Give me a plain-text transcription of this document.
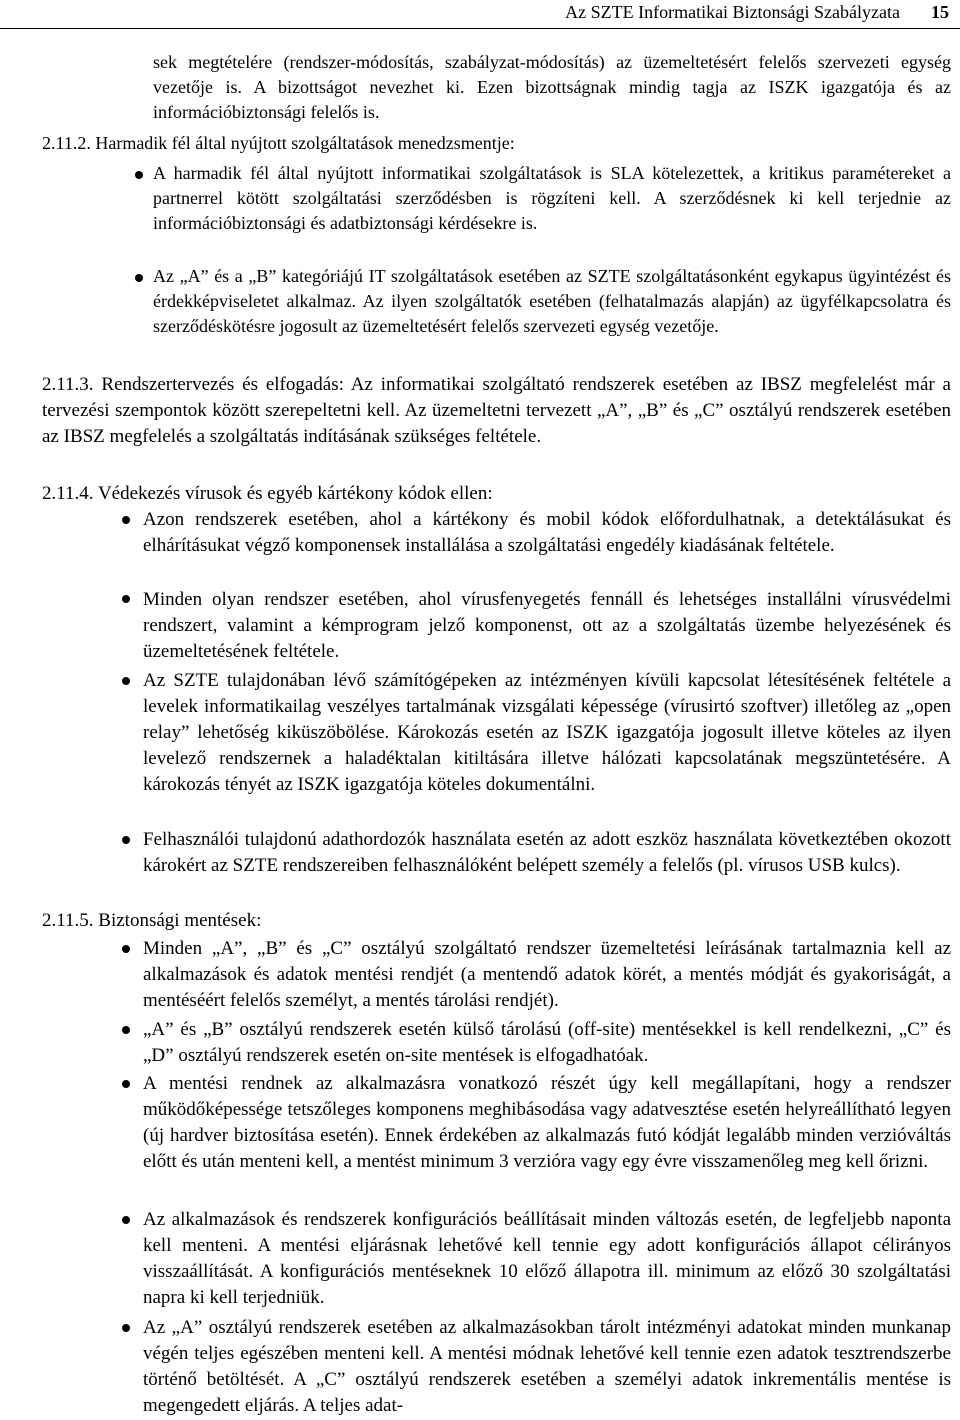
Az SZTE Informatikai Biztonsági Szabályzata 15
sek megtételére (rendszer-módosítás, szabályzat-módosítás) az üzemeltetésért felelős szervezeti egység vezetője is. A bizottságot nevezhet ki. Ezen bizottságnak mindig tagja az ISZK igazgatója és az információbiztonsági felelős is.
2.11.2. Harmadik fél által nyújtott szolgáltatások menedzsmentje:
A harmadik fél által nyújtott informatikai szolgáltatások is SLA kötelezettek, a kritikus paramétereket a partnerrel kötött szolgáltatási szerződésben is rögzíteni kell. A szerződésnek ki kell terjednie az információbiztonsági és adatbiztonsági kérdésekre is.
Az „A” és a „B” kategóriájú IT szolgáltatások esetében az SZTE szolgáltatásonként egykapus ügyintézést és érdekképviseletet alkalmaz. Az ilyen szolgáltatók esetében (felhatalmazás alapján) az ügyfélkapcsolatra és szerződéskötésre jogosult az üzemeltetésért felelős szervezeti egység vezetője.
2.11.3. Rendszertervezés és elfogadás: Az informatikai szolgáltató rendszerek esetében az IBSZ megfelelést már a tervezési szempontok között szerepeltetni kell. Az üzemeltetni tervezett „A”, „B” és „C” osztályú rendszerek esetében az IBSZ megfelelés a szolgáltatás indításának szükséges feltétele.
2.11.4. Védekezés vírusok és egyéb kártékony kódok ellen:
Azon rendszerek esetében, ahol a kártékony és mobil kódok előfordulhatnak, a detektálásukat és elhárításukat végző komponensek installálása a szolgáltatási engedély kiadásának feltétele.
Minden olyan rendszer esetében, ahol vírusfenyegetés fennáll és lehetséges installálni vírusvédelmi rendszert, valamint a kémprogram jelző komponenst, ott az a szolgáltatás üzembe helyezésének és üzemeltetésének feltétele.
Az SZTE tulajdonában lévő számítógépeken az intézményen kívüli kapcsolat létesítésének feltétele a levelek informatikailag veszélyes tartalmának vizsgálati képessége (vírusirtó szoftver) illetőleg az „open relay” lehetőség kiküszöbölése. Károkozás esetén az ISZK igazgatója jogosult illetve köteles az ilyen levelező rendszernek a haladéktalan kitiltására illetve hálózati kapcsolatának megszüntetésére. A károkozás tényét az ISZK igazgatója köteles dokumentálni.
Felhasználói tulajdonú adathordozók használata esetén az adott eszköz használata következtében okozott károkért az SZTE rendszereiben felhasználóként belépett személy a felelős (pl. vírusos USB kulcs).
2.11.5. Biztonsági mentések:
Minden „A”, „B” és „C” osztályú szolgáltató rendszer üzemeltetési leírásának tartalmaznia kell az alkalmazások és adatok mentési rendjét (a mentendő adatok körét, a mentés módját és gyakoriságát, a mentéséért felelős személyt, a mentés tárolási rendjét).
„A” és „B” osztályú rendszerek esetén külső tárolású (off-site) mentésekkel is kell rendelkezni, „C” és „D” osztályú rendszerek esetén on-site mentések is elfogadhatóak.
A mentési rendnek az alkalmazásra vonatkozó részét úgy kell megállapítani, hogy a rendszer működőképessége tetszőleges komponens meghibásodása vagy adatvesztése esetén helyreállítható legyen (új hardver biztosítása esetén). Ennek érdekében az alkalmazás futó kódját legalább minden verzióváltás előtt és után menteni kell, a mentést minimum 3 verzióra vagy egy évre visszamenőleg meg kell őrizni.
Az alkalmazások és rendszerek konfigurációs beállításait minden változás esetén, de legfeljebb naponta kell menteni. A mentési eljárásnak lehetővé kell tennie egy adott konfigurációs állapot célirányos visszaállítását. A konfigurációs mentéseknek 10 előző állapotra ill. minimum az előző 30 szolgáltatási napra ki kell terjedniük.
Az „A” osztályú rendszerek esetében az alkalmazásokban tárolt intézményi adatokat minden munkanap végén teljes egészében menteni kell. A mentési módnak lehetővé kell tennie ezen adatok tesztrendszerbe történő betöltését. A „C” osztályú rendszerek esetében a személyi adatok inkrementális mentése is megengedett eljárás. A teljes adat-
